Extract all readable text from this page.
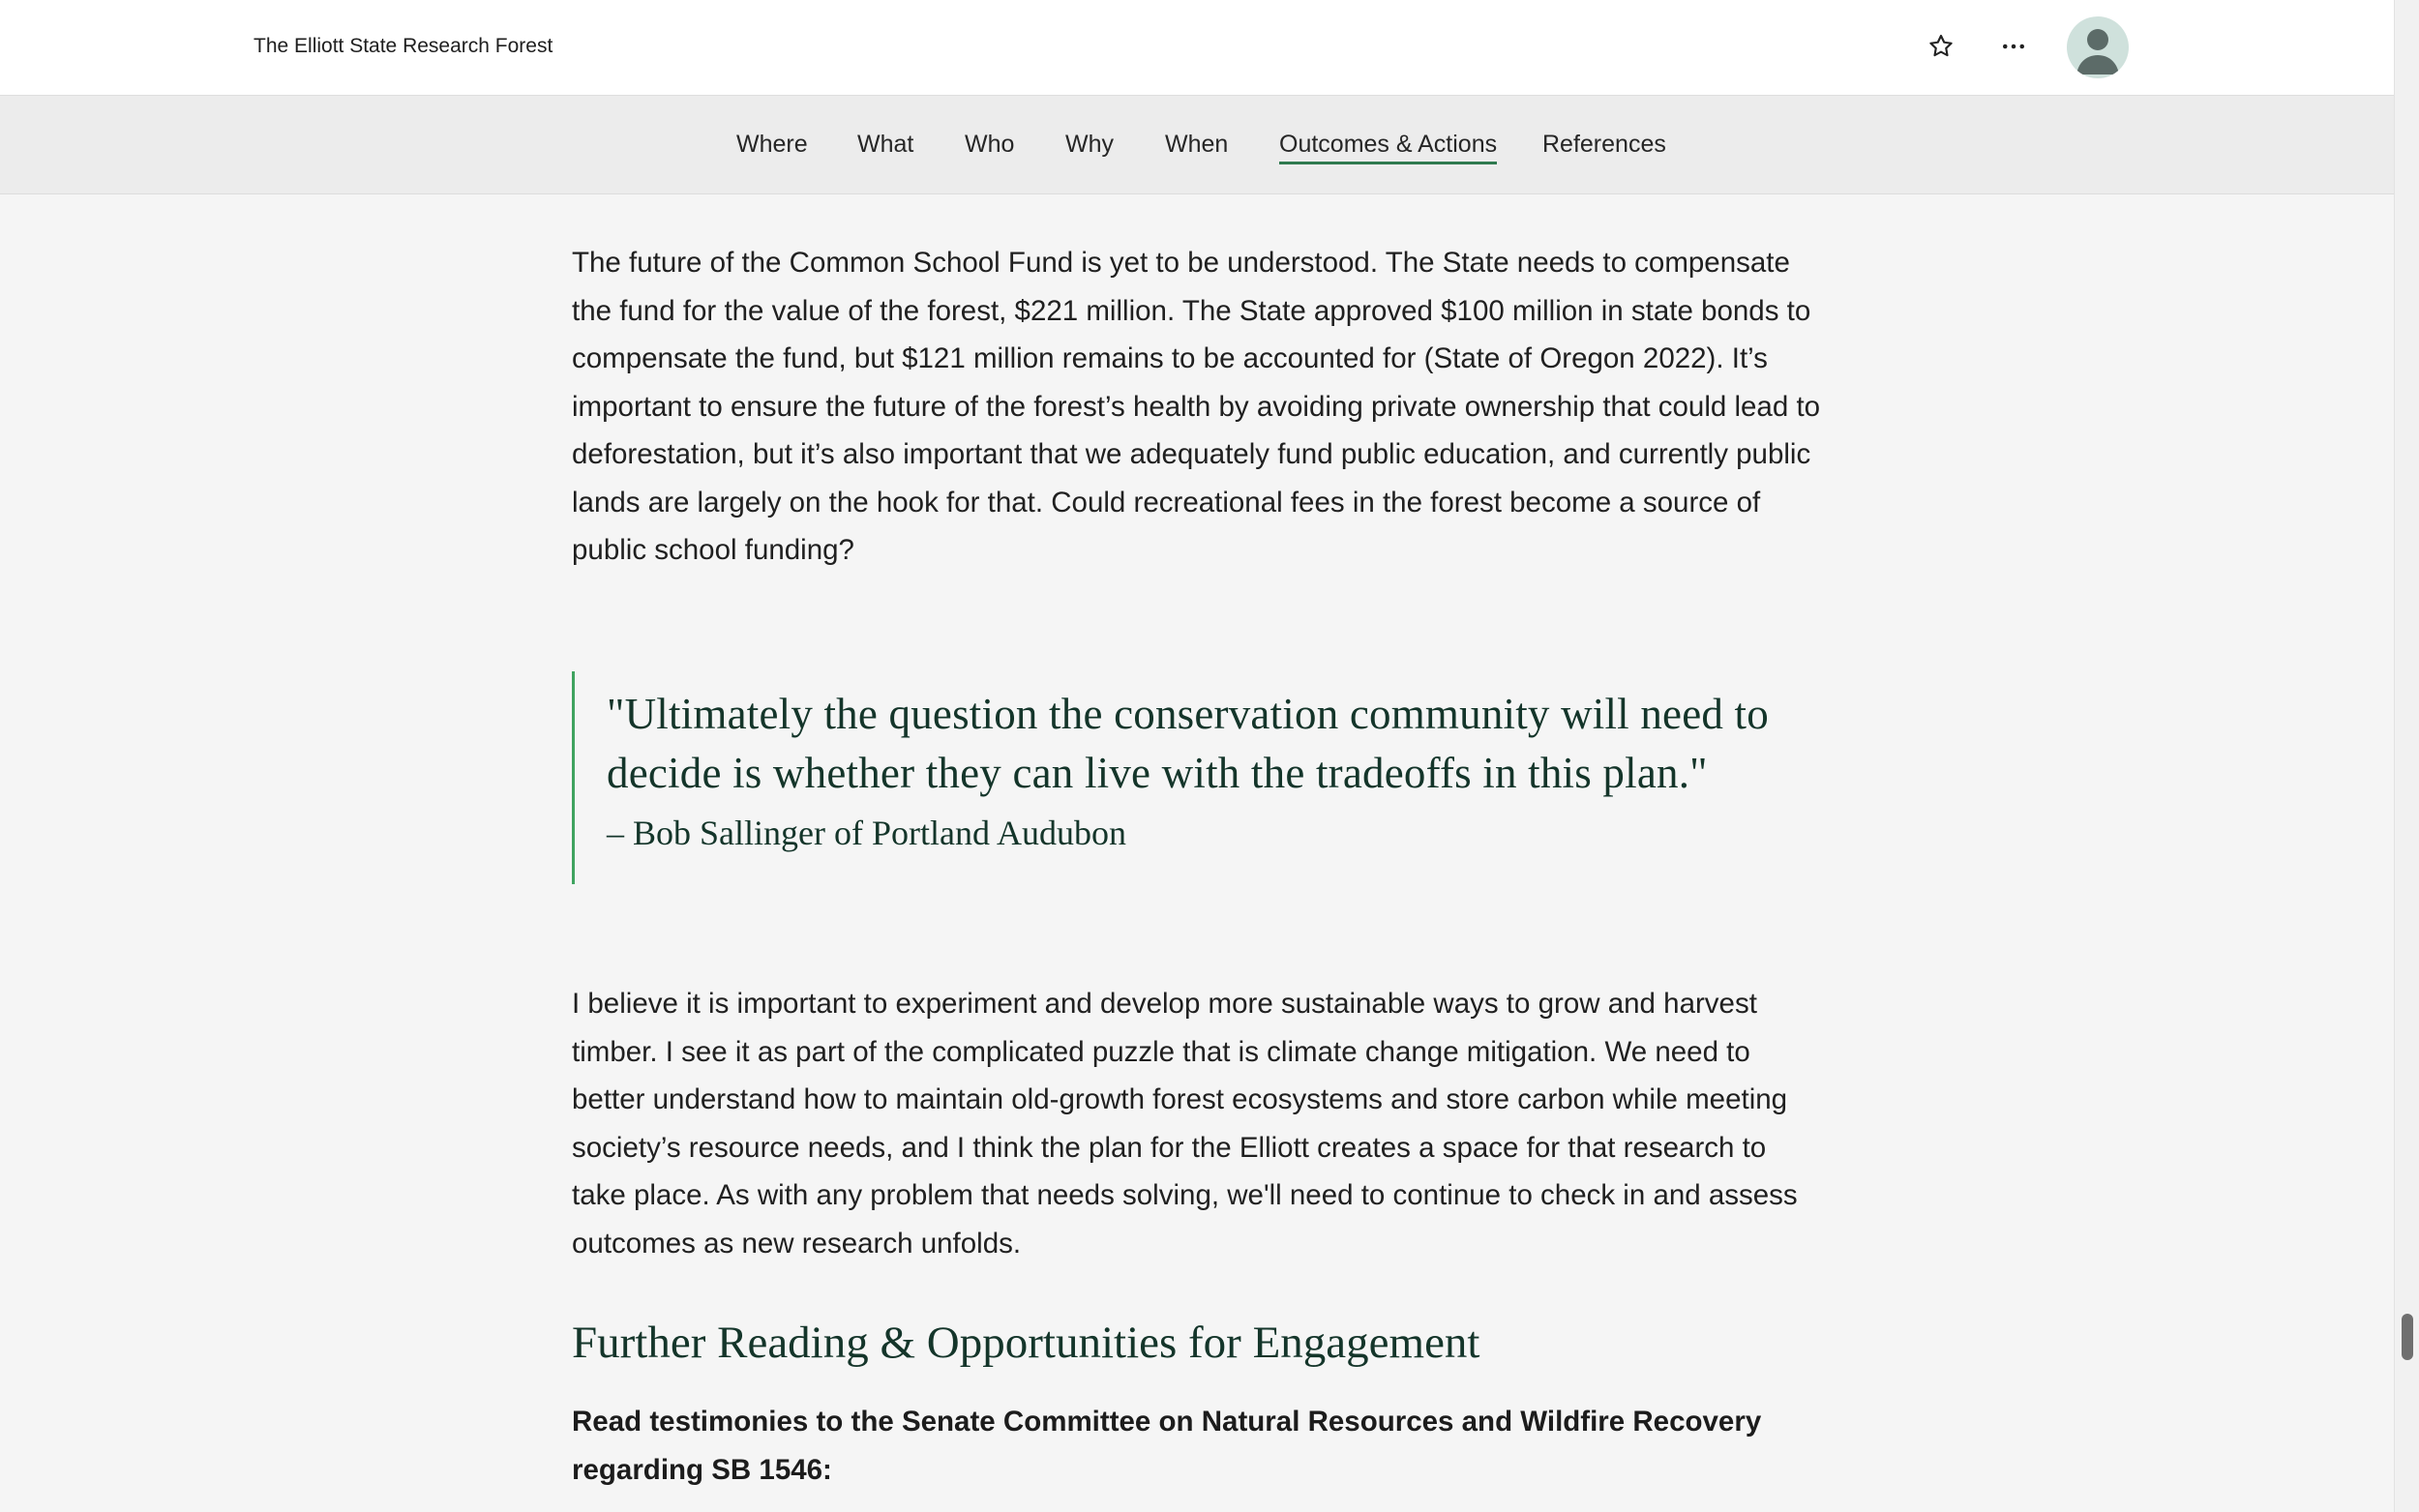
The Elliott State Research Forest
Where What Who Why When Outcomes & Actions References

The future of the Common School Fund is yet to be understood. The State needs to compensate the fund for the value of the forest, $221 million. The State approved $100 million in state bonds to compensate the fund, but $121 million remains to be accounted for (State of Oregon 2022). It’s important to ensure the future of the forest’s health by avoiding private ownership that could lead to deforestation, but it’s also important that we adequately fund public education, and currently public lands are largely on the hook for that. Could recreational fees in the forest become a source of public school funding?

"Ultimately the question the conservation community will need to decide is whether they can live with the tradeoffs in this plan."

– Bob Sallinger of Portland Audubon

I believe it is important to experiment and develop more sustainable ways to grow and harvest timber. I see it as part of the complicated puzzle that is climate change mitigation. We need to better understand how to maintain old-growth forest ecosystems and store carbon while meeting society’s resource needs, and I think the plan for the Elliott creates a space for that research to take place. As with any problem that needs solving, we'll need to continue to check in and assess outcomes as new research unfolds.

Further Reading & Opportunities for Engagement

Read testimonies to the Senate Committee on Natural Resources and Wildfire Recovery regarding SB 1546:
